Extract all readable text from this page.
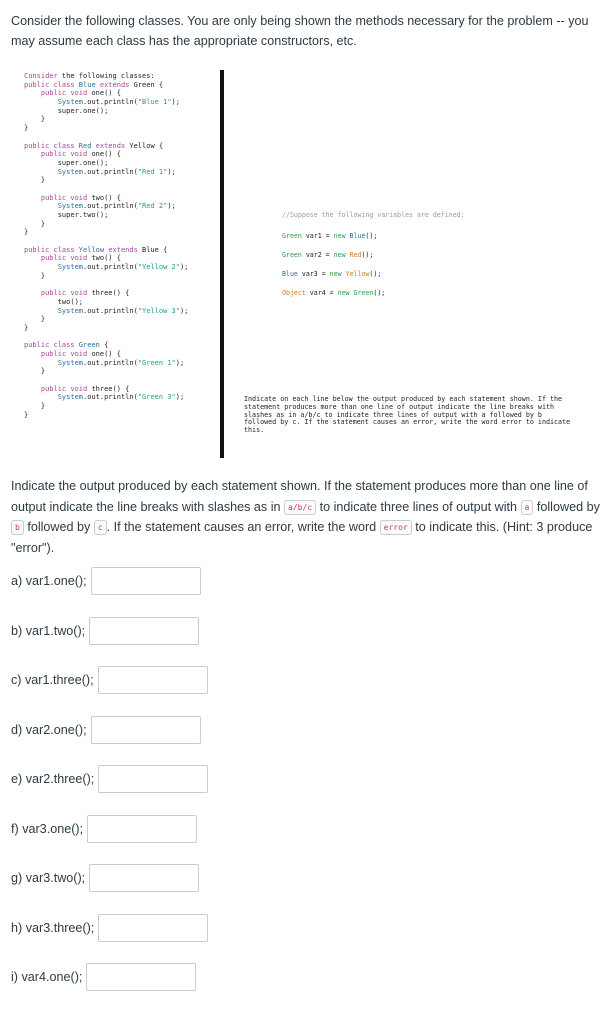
Consider the following classes. You are only being shown the methods necessary for the problem -- you may assume each class has the appropriate constructors, etc.
Consider the following classes:
public class Blue extends Green {
public void one() {
System.out.println("Blue 1");
super.one();
}
}
public class Red extends Yellow {
public void one() {
super.one();
System.out.println("Red 1");
}
public void two() {
System.out.println("Red 2");
super.two();
}
}
public class Yellow extends Blue {
public void two() {
System.out.println("Yellow 2");
}
public void three() {
two();
System.out.println("Yellow 3");
}
}
public class Green {
public void one() {
System.out.println("Green 1");
}
public void three() {
System.out.println("Green 3");
}
}
//Suppose the following variables are defined:
Green var1 = new Blue();
Green var2 = new Red();
Blue var3 = new Yellow();
Object var4 = new Green();
Indicate on each line below the output produced by each statement shown. If the statement produces more than one line of output indicate the line breaks with slashes as in a/b/c to indicate three lines of output with a followed by b followed by c. If the statement causes an error, write the word error to indicate this.
Indicate the output produced by each statement shown. If the statement produces more than one line of output indicate the line breaks with slashes as in a/b/c to indicate three lines of output with a followed by b followed by c . If the statement causes an error, write the word error to indicate this. (Hint: 3 produce "error").
a) var1.one();
b) var1.two();
c) var1.three();
d) var2.one();
e) var2.three();
f) var3.one();
g) var3.two();
h) var3.three();
i) var4.one();
